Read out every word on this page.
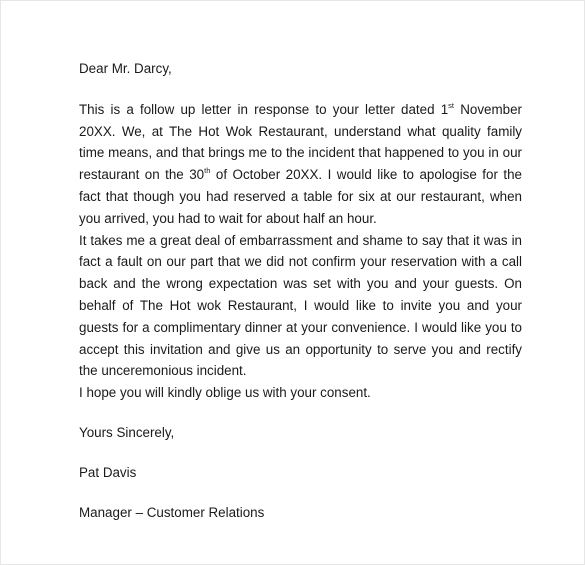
Dear Mr. Darcy,

This is a follow up letter in response to your letter dated 1st November 20XX. We, at The Hot Wok Restaurant, understand what quality family time means, and that brings me to the incident that happened to you in our restaurant on the 30th of October 20XX. I would like to apologise for the fact that though you had reserved a table for six at our restaurant, when you arrived, you had to wait for about half an hour.

It takes me a great deal of embarrassment and shame to say that it was in fact a fault on our part that we did not confirm your reservation with a call back and the wrong expectation was set with you and your guests. On behalf of The Hot wok Restaurant, I would like to invite you and your guests for a complimentary dinner at your convenience. I would like you to accept this invitation and give us an opportunity to serve you and rectify the unceremonious incident.

I hope you will kindly oblige us with your consent.

Yours Sincerely,

Pat Davis

Manager – Customer Relations
